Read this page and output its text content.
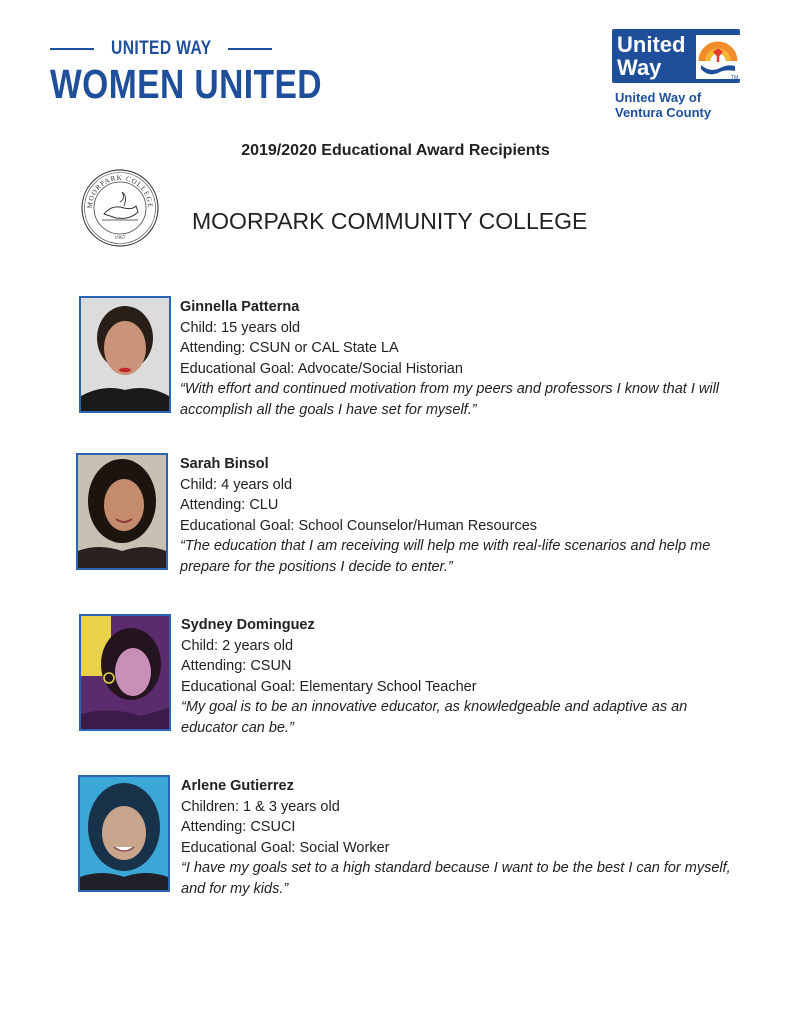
UNITED WAY
WOMEN UNITED
United
Way	TM
United Way of
Ventura County
2019/2020 Educational Award Recipients
MOORPARK COLLEGE
1967
MOORPARK COMMUNITY COLLEGE
Ginnella Patterna
Child: 15 years old
Attending: CSUN or CAL State LA
Educational Goal: Advocate/Social Historian
“With effort and continued motivation from my peers and professors I know that I will accomplish all the goals I have set for myself.”
Sarah Binsol
Child: 4 years old
Attending: CLU
Educational Goal: School Counselor/Human Resources
“The education that I am receiving will help me with real-life scenarios and help me prepare for the positions I decide to enter.”
Sydney Dominguez
Child: 2 years old
Attending: CSUN
Educational Goal: Elementary School Teacher
“My goal is to be an innovative educator, as knowledgeable and adaptive as an educator can be.”
Arlene Gutierrez
Children: 1 & 3 years old
Attending: CSUCI
Educational Goal: Social Worker
“I have my goals set to a high standard because I want to be the best I can for myself, and for my kids.”
